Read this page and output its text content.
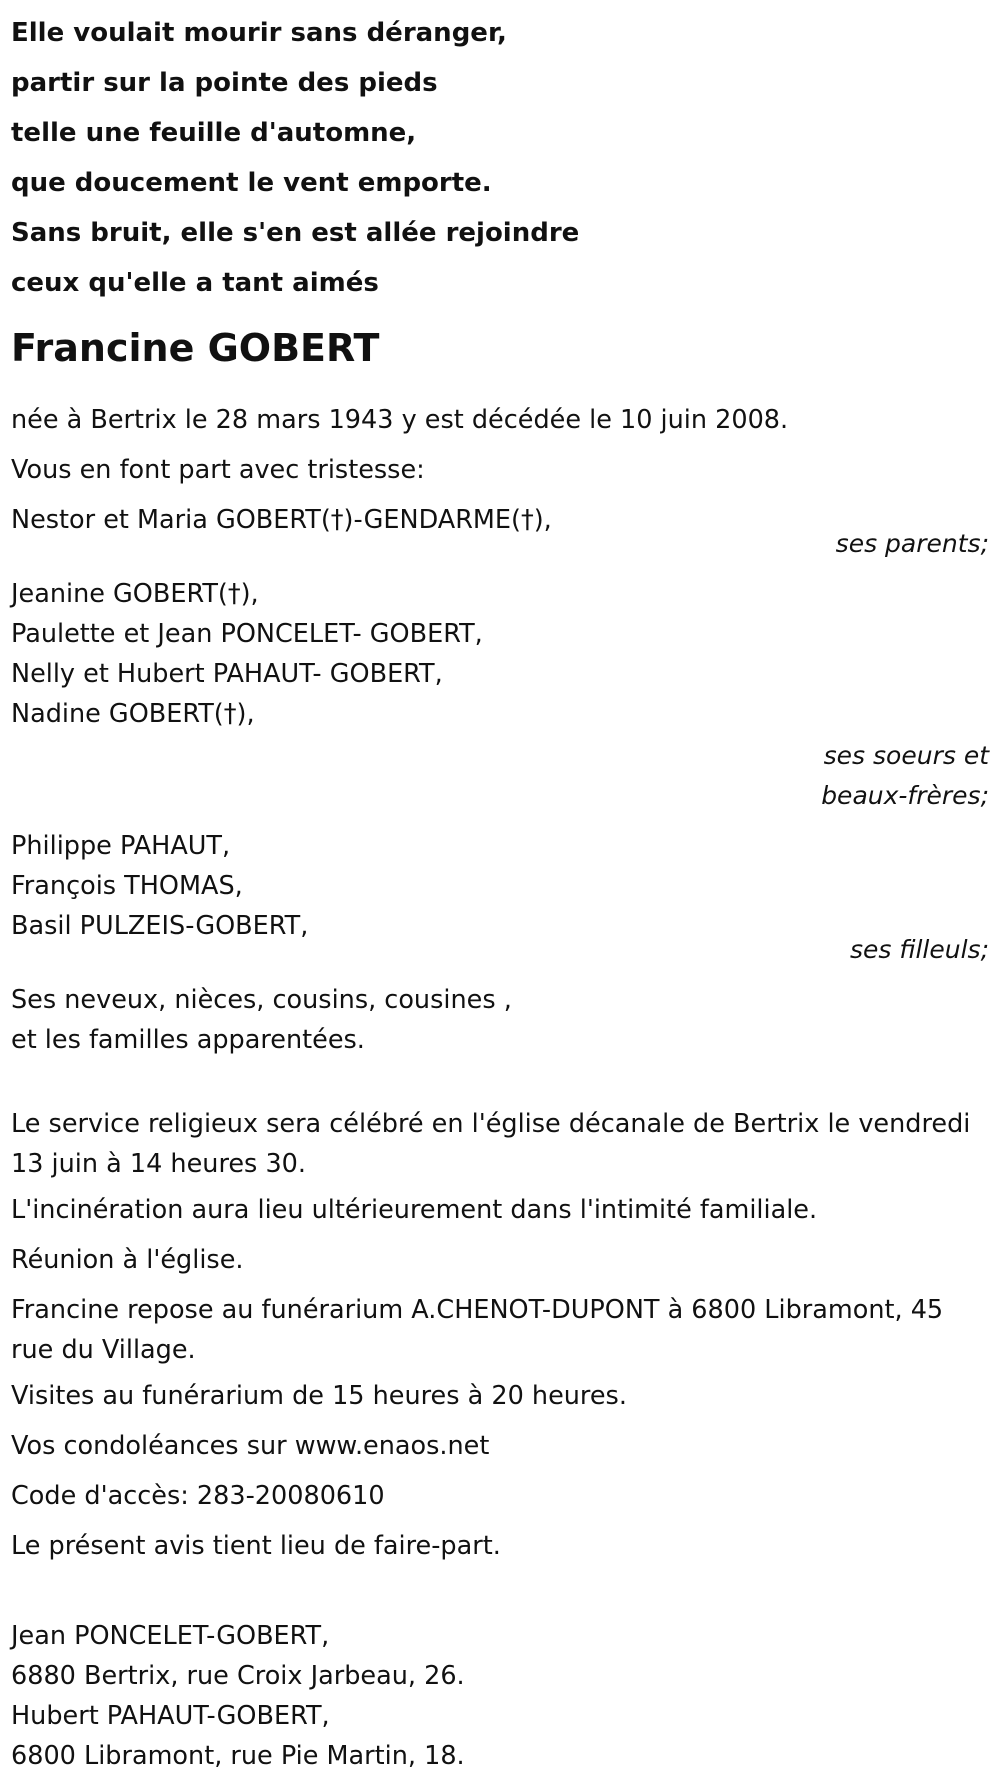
Elle voulait mourir sans déranger,
partir sur la pointe des pieds
telle une feuille d'automne,
que doucement le vent emporte.
Sans bruit, elle s'en est allée rejoindre
ceux qu'elle a tant aimés
Francine GOBERT
née à Bertrix le 28 mars 1943 y est décédée le 10 juin 2008.
Vous en font part avec tristesse:
Nestor et Maria GOBERT(†)-GENDARME(†),
ses parents;
Jeanine GOBERT(†),
Paulette et Jean PONCELET- GOBERT,
Nelly et Hubert PAHAUT- GOBERT,
Nadine GOBERT(†),
ses soeurs et
beaux-frères;
Philippe PAHAUT,
François THOMAS,
Basil PULZEIS-GOBERT,
ses filleuls;
Ses neveux, nièces, cousins, cousines ,
et les familles apparentées.
Le service religieux sera célébré en l'église décanale de Bertrix le vendredi 13 juin à 14 heures 30.
L'incinération aura lieu ultérieurement dans l'intimité familiale.
Réunion à l'église.
Francine repose au funérarium A.CHENOT-DUPONT à 6800 Libramont, 45 rue du Village.
Visites au funérarium de 15 heures à 20 heures.
Vos condoléances sur www.enaos.net
Code d'accès: 283-20080610
Le présent avis tient lieu de faire-part.
Jean PONCELET-GOBERT,
6880 Bertrix, rue Croix Jarbeau, 26.
Hubert PAHAUT-GOBERT,
6800 Libramont, rue Pie Martin, 18.
